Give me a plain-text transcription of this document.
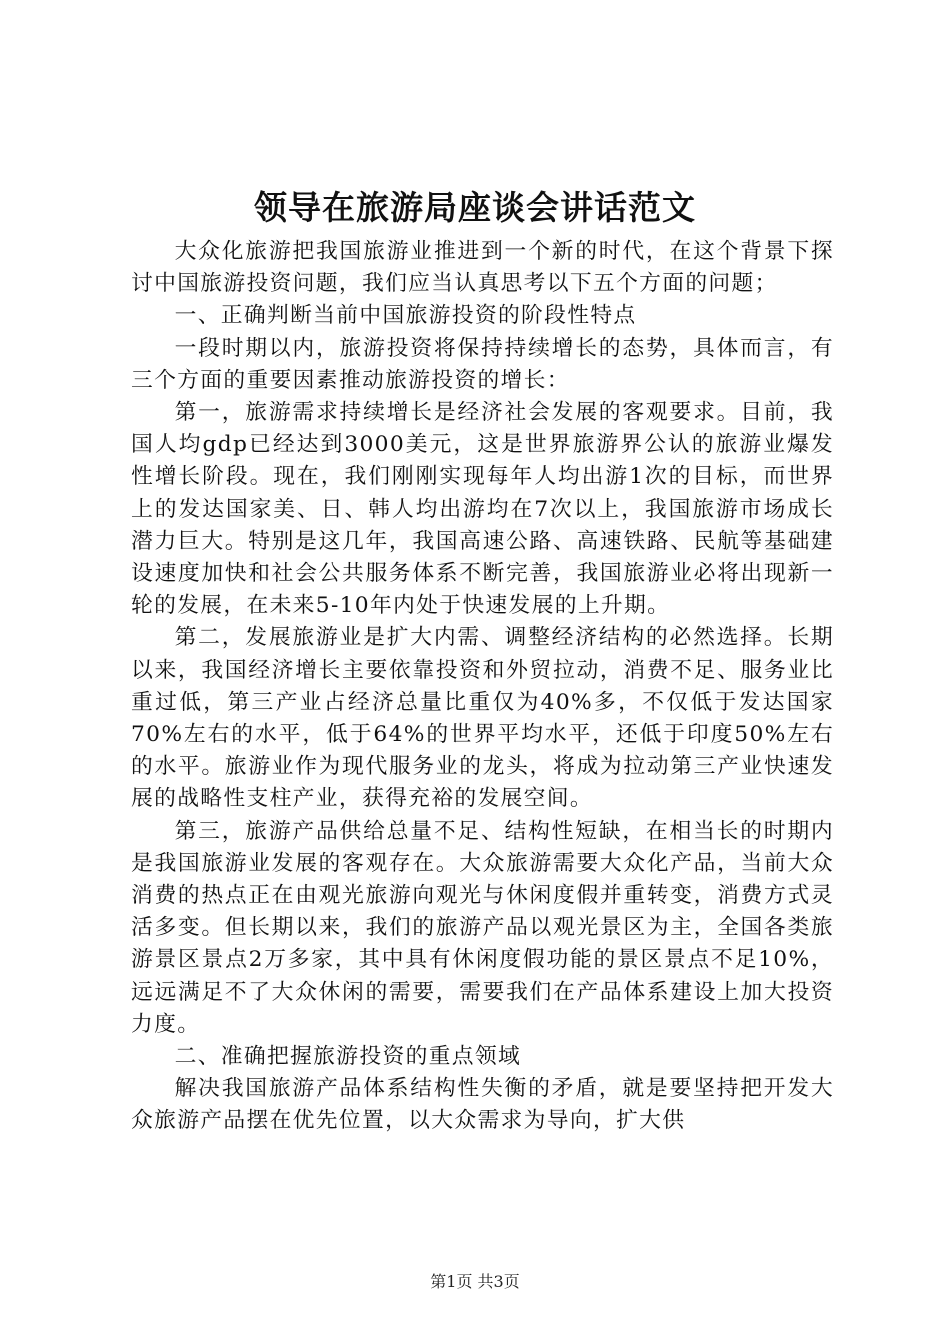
领导在旅游局座谈会讲话范文

大众化旅游把我国旅游业推进到一个新的时代，在这个背景下探讨中国旅游投资问题，我们应当认真思考以下五个方面的问题；

一、正确判断当前中国旅游投资的阶段性特点

一段时期以内，旅游投资将保持持续增长的态势，具体而言，有三个方面的重要因素推动旅游投资的增长：

第一，旅游需求持续增长是经济社会发展的客观要求。目前，我国人均gdp已经达到3000美元，这是世界旅游界公认的旅游业爆发性增长阶段。现在，我们刚刚实现每年人均出游1次的目标，而世界上的发达国家美、日、韩人均出游均在7次以上，我国旅游市场成长潜力巨大。特别是这几年，我国高速公路、高速铁路、民航等基础建设速度加快和社会公共服务体系不断完善，我国旅游业必将出现新一轮的发展，在未来5-10年内处于快速发展的上升期。

第二，发展旅游业是扩大内需、调整经济结构的必然选择。长期以来，我国经济增长主要依靠投资和外贸拉动，消费不足、服务业比重过低，第三产业占经济总量比重仅为40%多，不仅低于发达国家70%左右的水平，低于64%的世界平均水平，还低于印度50%左右的水平。旅游业作为现代服务业的龙头，将成为拉动第三产业快速发展的战略性支柱产业，获得充裕的发展空间。

第三，旅游产品供给总量不足、结构性短缺，在相当长的时期内是我国旅游业发展的客观存在。大众旅游需要大众化产品，当前大众消费的热点正在由观光旅游向观光与休闲度假并重转变，消费方式灵活多变。但长期以来，我们的旅游产品以观光景区为主，全国各类旅游景区景点2万多家，其中具有休闲度假功能的景区景点不足10%，远远满足不了大众休闲的需要，需要我们在产品体系建设上加大投资力度。

二、准确把握旅游投资的重点领域

解决我国旅游产品体系结构性失衡的矛盾，就是要坚持把开发大众旅游产品摆在优先位置，以大众需求为导向，扩大供

第1页 共3页
